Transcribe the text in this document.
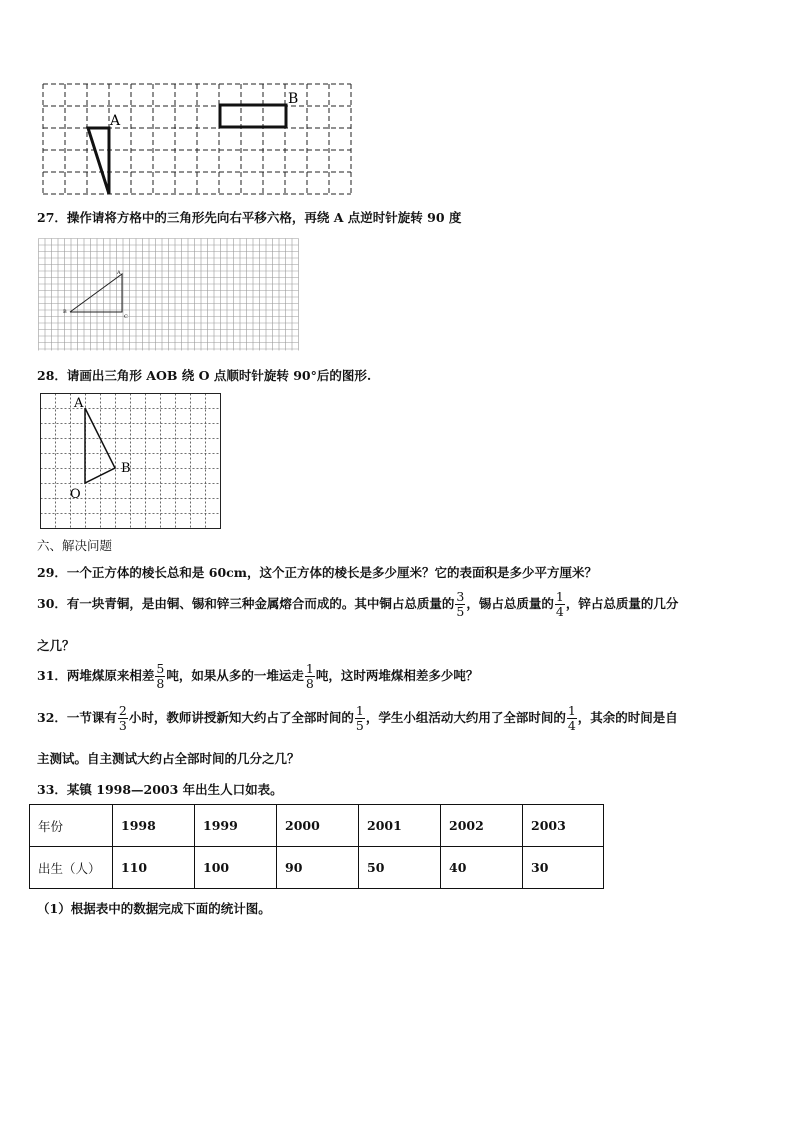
A
B
27．操作请将方格中的三角形先向右平移六格，再绕 A 点逆时针旋转 90 度
A
B
C
28．请画出三角形 AOB 绕 O 点顺时针旋转 90°后的图形.
A
B
O
六、解决问题
29．一个正方体的棱长总和是 60cm，这个正方体的棱长是多少厘米？它的表面积是多少平方厘米？
30．有一块青铜，是由铜、锡和锌三种金属熔合而成的。其中铜占总质量的 $\frac{3}{5}$ ，锡占总质量的 $\frac{1}{4}$ ，锌占总质量的几分
之几？
31．两堆煤原来相差 $\frac{5}{8}$ 吨，如果从多的一堆运走 $\frac{1}{8}$ 吨，这时两堆煤相差多少吨？
32．一节课有 $\frac{2}{3}$ 小时，教师讲授新知大约占了全部时间的 $\frac{1}{5}$ ，学生小组活动大约用了全部时间的 $\frac{1}{4}$ ，其余的时间是自
主测试。自主测试大约占全部时间的几分之几？
33．某镇 1998—2003 年出生人口如表。
年份	1998	1999	2000	2001	2002	2003
出生（人）	110	100	90	50	40	30
（1）根据表中的数据完成下面的统计图。
